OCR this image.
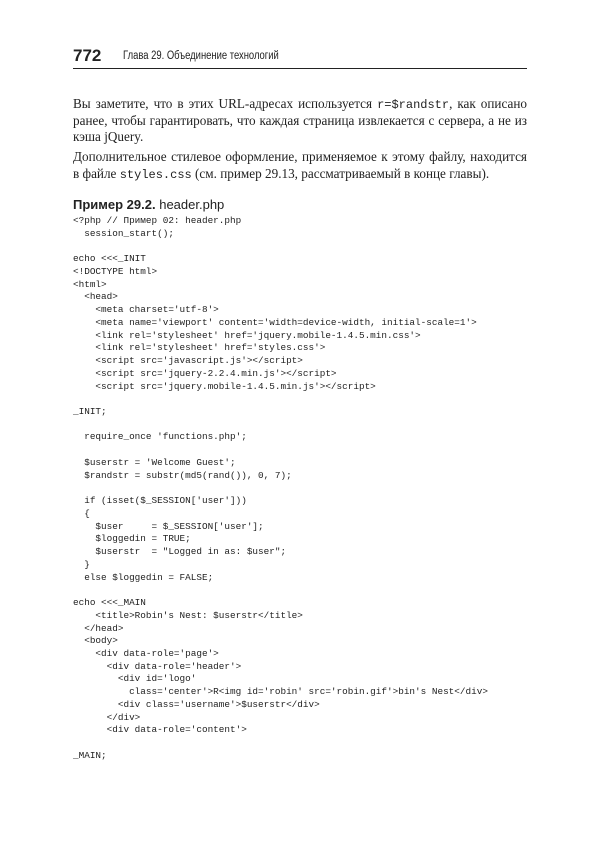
772 Глава 29. Объединение технологий

Вы заметите, что в этих URL-адресах используется r=$randstr, как описано ранее, чтобы гарантировать, что каждая страница извлекается с сервера, а не из кэша jQuery.

Дополнительное стилевое оформление, применяемое к этому файлу, находится в файле styles.css (см. пример 29.13, рассматриваемый в конце главы).

Пример 29.2. header.php
<?php // Пример 02: header.php
session_start();

echo <<<_INIT
<!DOCTYPE html>
<html>
<head>
<meta charset='utf-8'>
<meta name='viewport' content='width=device-width, initial-scale=1'>
<link rel='stylesheet' href='jquery.mobile-1.4.5.min.css'>
<link rel='stylesheet' href='styles.css'>
<script src='javascript.js'></script>
<script src='jquery-2.2.4.min.js'></script>
<script src='jquery.mobile-1.4.5.min.js'></script>

_INIT;

require_once 'functions.php';

$userstr = 'Welcome Guest';
$randstr = substr(md5(rand()), 0, 7);

if (isset($_SESSION['user']))
{
$user     = $_SESSION['user'];
$loggedin = TRUE;
$userstr  = "Logged in as: $user";
}
else $loggedin = FALSE;

echo <<<_MAIN
<title>Robin's Nest: $userstr</title>
</head>
<body>
<div data-role='page'>
<div data-role='header'>
<div id='logo'
class='center'>R<img id='robin' src='robin.gif'>bin's Nest</div>
<div class='username'>$userstr</div>
</div>
<div data-role='content'>

_MAIN;
